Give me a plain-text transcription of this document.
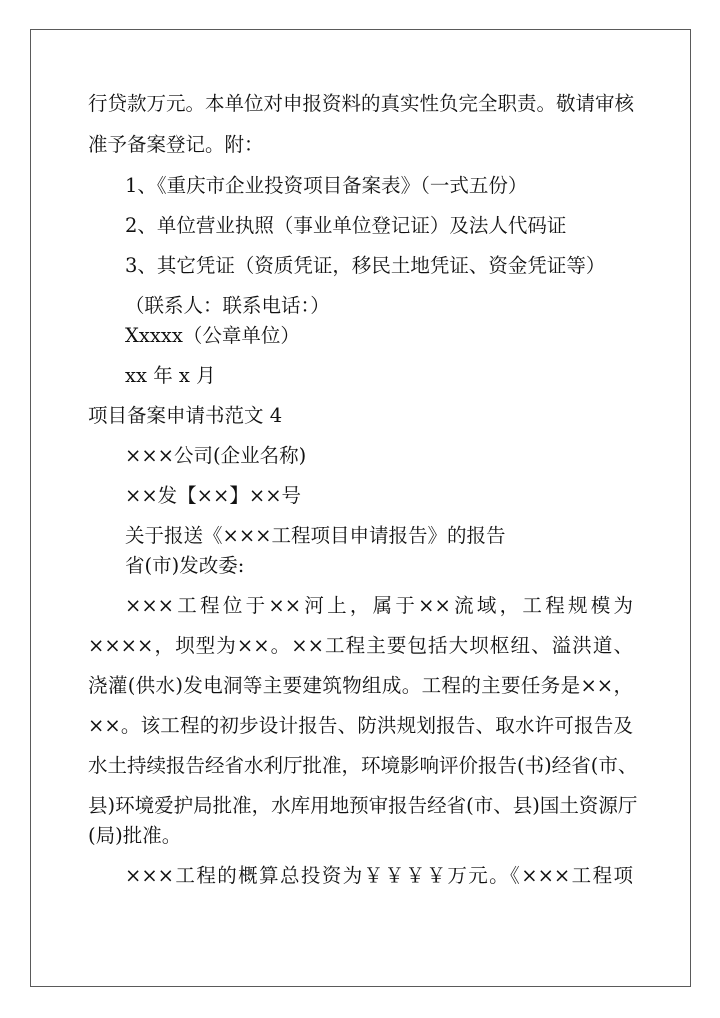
行贷款万元。本单位对申报资料的真实性负完全职责。敬请审核

准予备案登记。附：

1、《重庆市企业投资项目备案表》（一式五份）

2、单位营业执照（事业单位登记证）及法人代码证

3、其它凭证（资质凭证，移民土地凭证、资金凭证等）

（联系人：联系电话：）

Xxxxx（公章单位）

xx 年 x 月

项目备案申请书范文 4

×××公司(企业名称)

××发【××】××号

关于报送《×××工程项目申请报告》的报告

省(市)发改委:

×××工程位于××河上，属于××流域，工程规模为

××××，坝型为××。××工程主要包括大坝枢纽、溢洪道、

浇灌(供水)发电洞等主要建筑物组成。工程的主要任务是××，

××。该工程的初步设计报告、防洪规划报告、取水许可报告及

水土持续报告经省水利厅批准，环境影响评价报告(书)经省(市、

县)环境爱护局批准，水库用地预审报告经省(市、县)国土资源厅

(局)批准。

×××工程的概算总投资为￥￥￥￥万元。《×××工程项
